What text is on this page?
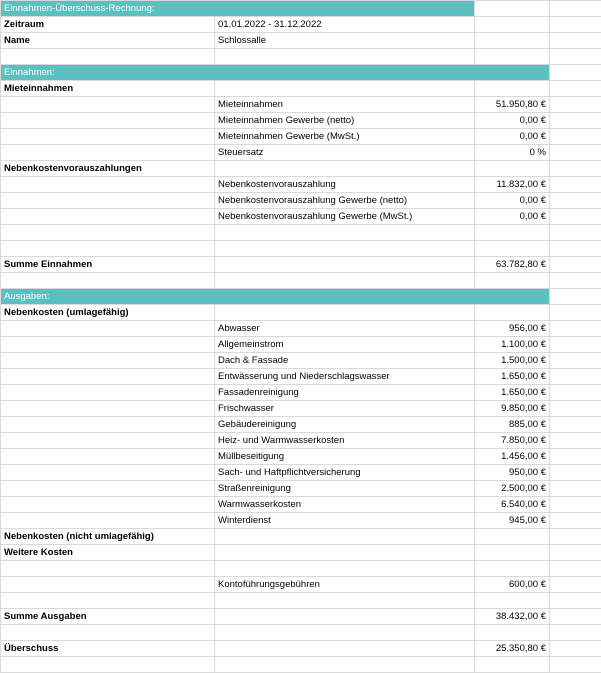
Einnahmen-Überschuss-Rechnung:			
Zeitraum	01.01.2022 - 31.12.2022		
Name	Schlossalle		

Einnahmen:			
Mieteinnahmen			
	Mieteinnahmen	51.950,80 €	
	Mieteinnahmen Gewerbe (netto)	0,00 €	
	Mieteinnahmen Gewerbe (MwSt.)	0,00 €	
	Steuersatz	0 %	
Nebenkostenvorauszahlungen			
	Nebenkostenvorauszahlung	11.832,00 €	
	Nebenkostenvorauszahlung Gewerbe (netto)	0,00 €	
	Nebenkostenvorauszahlung Gewerbe (MwSt.)	0,00 €	

Summe Einnahmen		63.782,80 €	

Ausgaben:			
Nebenkosten (umlagefähig)			
	Abwasser	956,00 €	
	Allgemeinstrom	1.100,00 €	
	Dach & Fassade	1.500,00 €	
	Entwässerung und Niederschlagswasser	1.650,00 €	
	Fassadenreinigung	1.650,00 €	
	Frischwasser	9.850,00 €	
	Gebäudereinigung	885,00 €	
	Heiz- und Warmwasserkosten	7.850,00 €	
	Müllbeseitigung	1.456,00 €	
	Sach- und Haftpflichtversicherung	950,00 €	
	Straßenreinigung	2.500,00 €	
	Warmwasserkosten	6.540,00 €	
	Winterdienst	945,00 €	
Nebenkosten (nicht umlagefähig)			
Weitere Kosten			

	Kontoführungsgebühren	600,00 €	

Summe Ausgaben		38.432,00 €	

Überschuss		25.350,80 €	
